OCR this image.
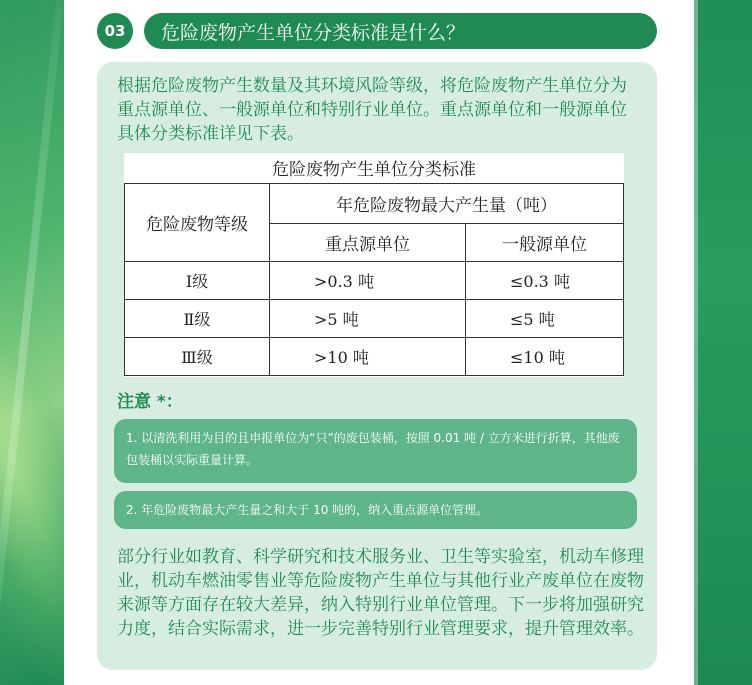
03	危险废物产生单位分类标准是什么？

根据危险废物产生数量及其环境风险等级，将危险废物产生单位分为重点源单位、一般源单位和特别行业单位。重点源单位和一般源单位具体分类标准详见下表。

危险废物产生单位分类标准		
危险废物等级	年危险废物最大产生量（吨）	
	重点源单位	一般源单位
Ⅰ级	>0.3 吨	≤0.3 吨
Ⅱ级	>5 吨	≤5 吨
Ⅲ级	>10 吨	≤10 吨
注意 *：
1. 以清洗利用为目的且申报单位为“只”的废包装桶，按照 0.01 吨 / 立方米进行折算，其他废包装桶以实际重量计算。
2. 年危险废物最大产生量之和大于 10 吨的，纳入重点源单位管理。

部分行业如教育、科学研究和技术服务业、卫生等实验室，机动车修理业，机动车燃油零售业等危险废物产生单位与其他行业产废单位在废物来源等方面存在较大差异，纳入特别行业单位管理。下一步将加强研究力度，结合实际需求，进一步完善特别行业管理要求，提升管理效率。
